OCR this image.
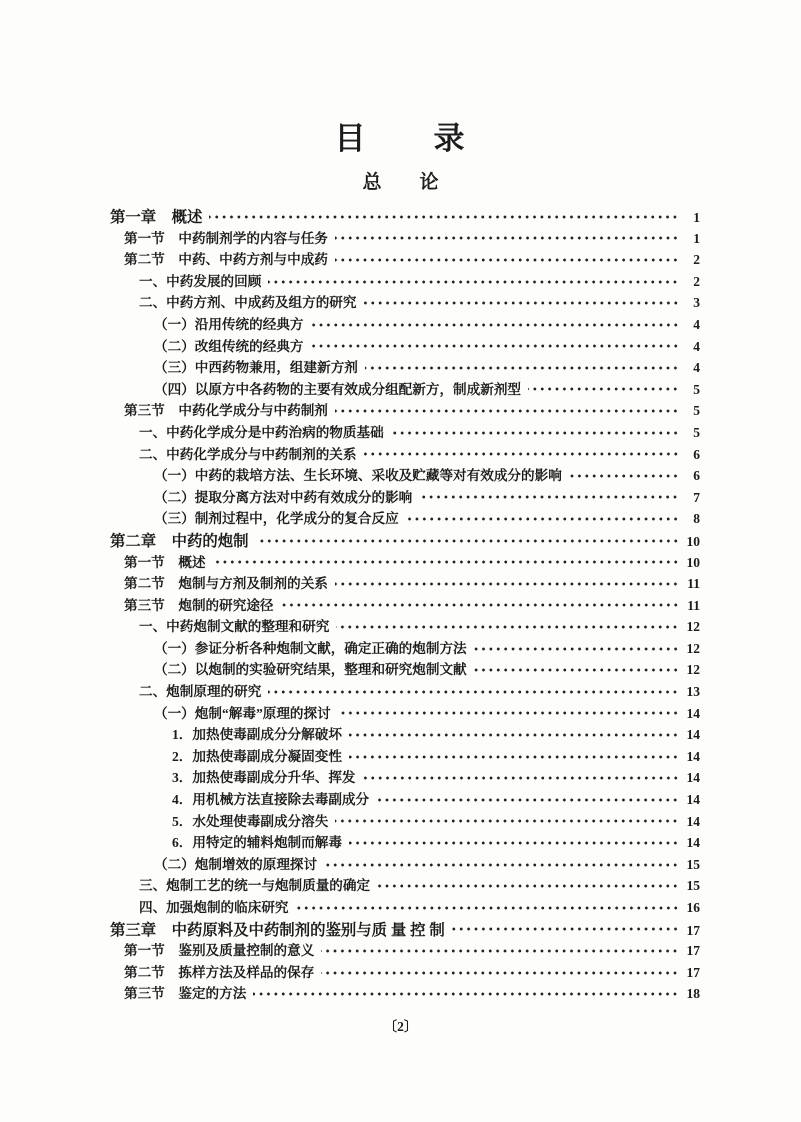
目　　录
总　　论
第一章　概述	1
第一节　中药制剂学的内容与任务	1
第二节　中药、中药方剂与中成药	2
一、中药发展的回顾	2
二、中药方剂、中成药及组方的研究	3
（一）沿用传统的经典方	4
（二）改组传统的经典方	4
（三）中西药物兼用，组建新方剂	4
（四）以原方中各药物的主要有效成分组配新方，制成新剂型	5
第三节　中药化学成分与中药制剂	5
一、中药化学成分是中药治病的物质基础	5
二、中药化学成分与中药制剂的关系	6
（一）中药的栽培方法、生长环境、采收及贮藏等对有效成分的影响	6
（二）提取分离方法对中药有效成分的影响	7
（三）制剂过程中，化学成分的复合反应	8
第二章　中药的炮制	10
第一节　概述	10
第二节　炮制与方剂及制剂的关系	11
第三节　炮制的研究途径	11
一、中药炮制文献的整理和研究	12
（一）参证分析各种炮制文献，确定正确的炮制方法	12
（二）以炮制的实验研究结果，整理和研究炮制文献	12
二、炮制原理的研究	13
（一）炮制“解毒”原理的探讨	14
1．加热使毒副成分分解破坏	14
2．加热使毒副成分凝固变性	14
3．加热使毒副成分升华、挥发	14
4．用机械方法直接除去毒副成分	14
5．水处理使毒副成分溶失	14
6．用特定的辅料炮制而解毒	14
（二）炮制增效的原理探讨	15
三、炮制工艺的统一与炮制质量的确定	15
四、加强炮制的临床研究	16
第三章　中药原料及中药制剂的鉴别与质 量 控 制	17
第一节　鉴别及质量控制的意义	17
第二节　拣样方法及样品的保存	17
第三节　鉴定的方法	18
〔2〕
